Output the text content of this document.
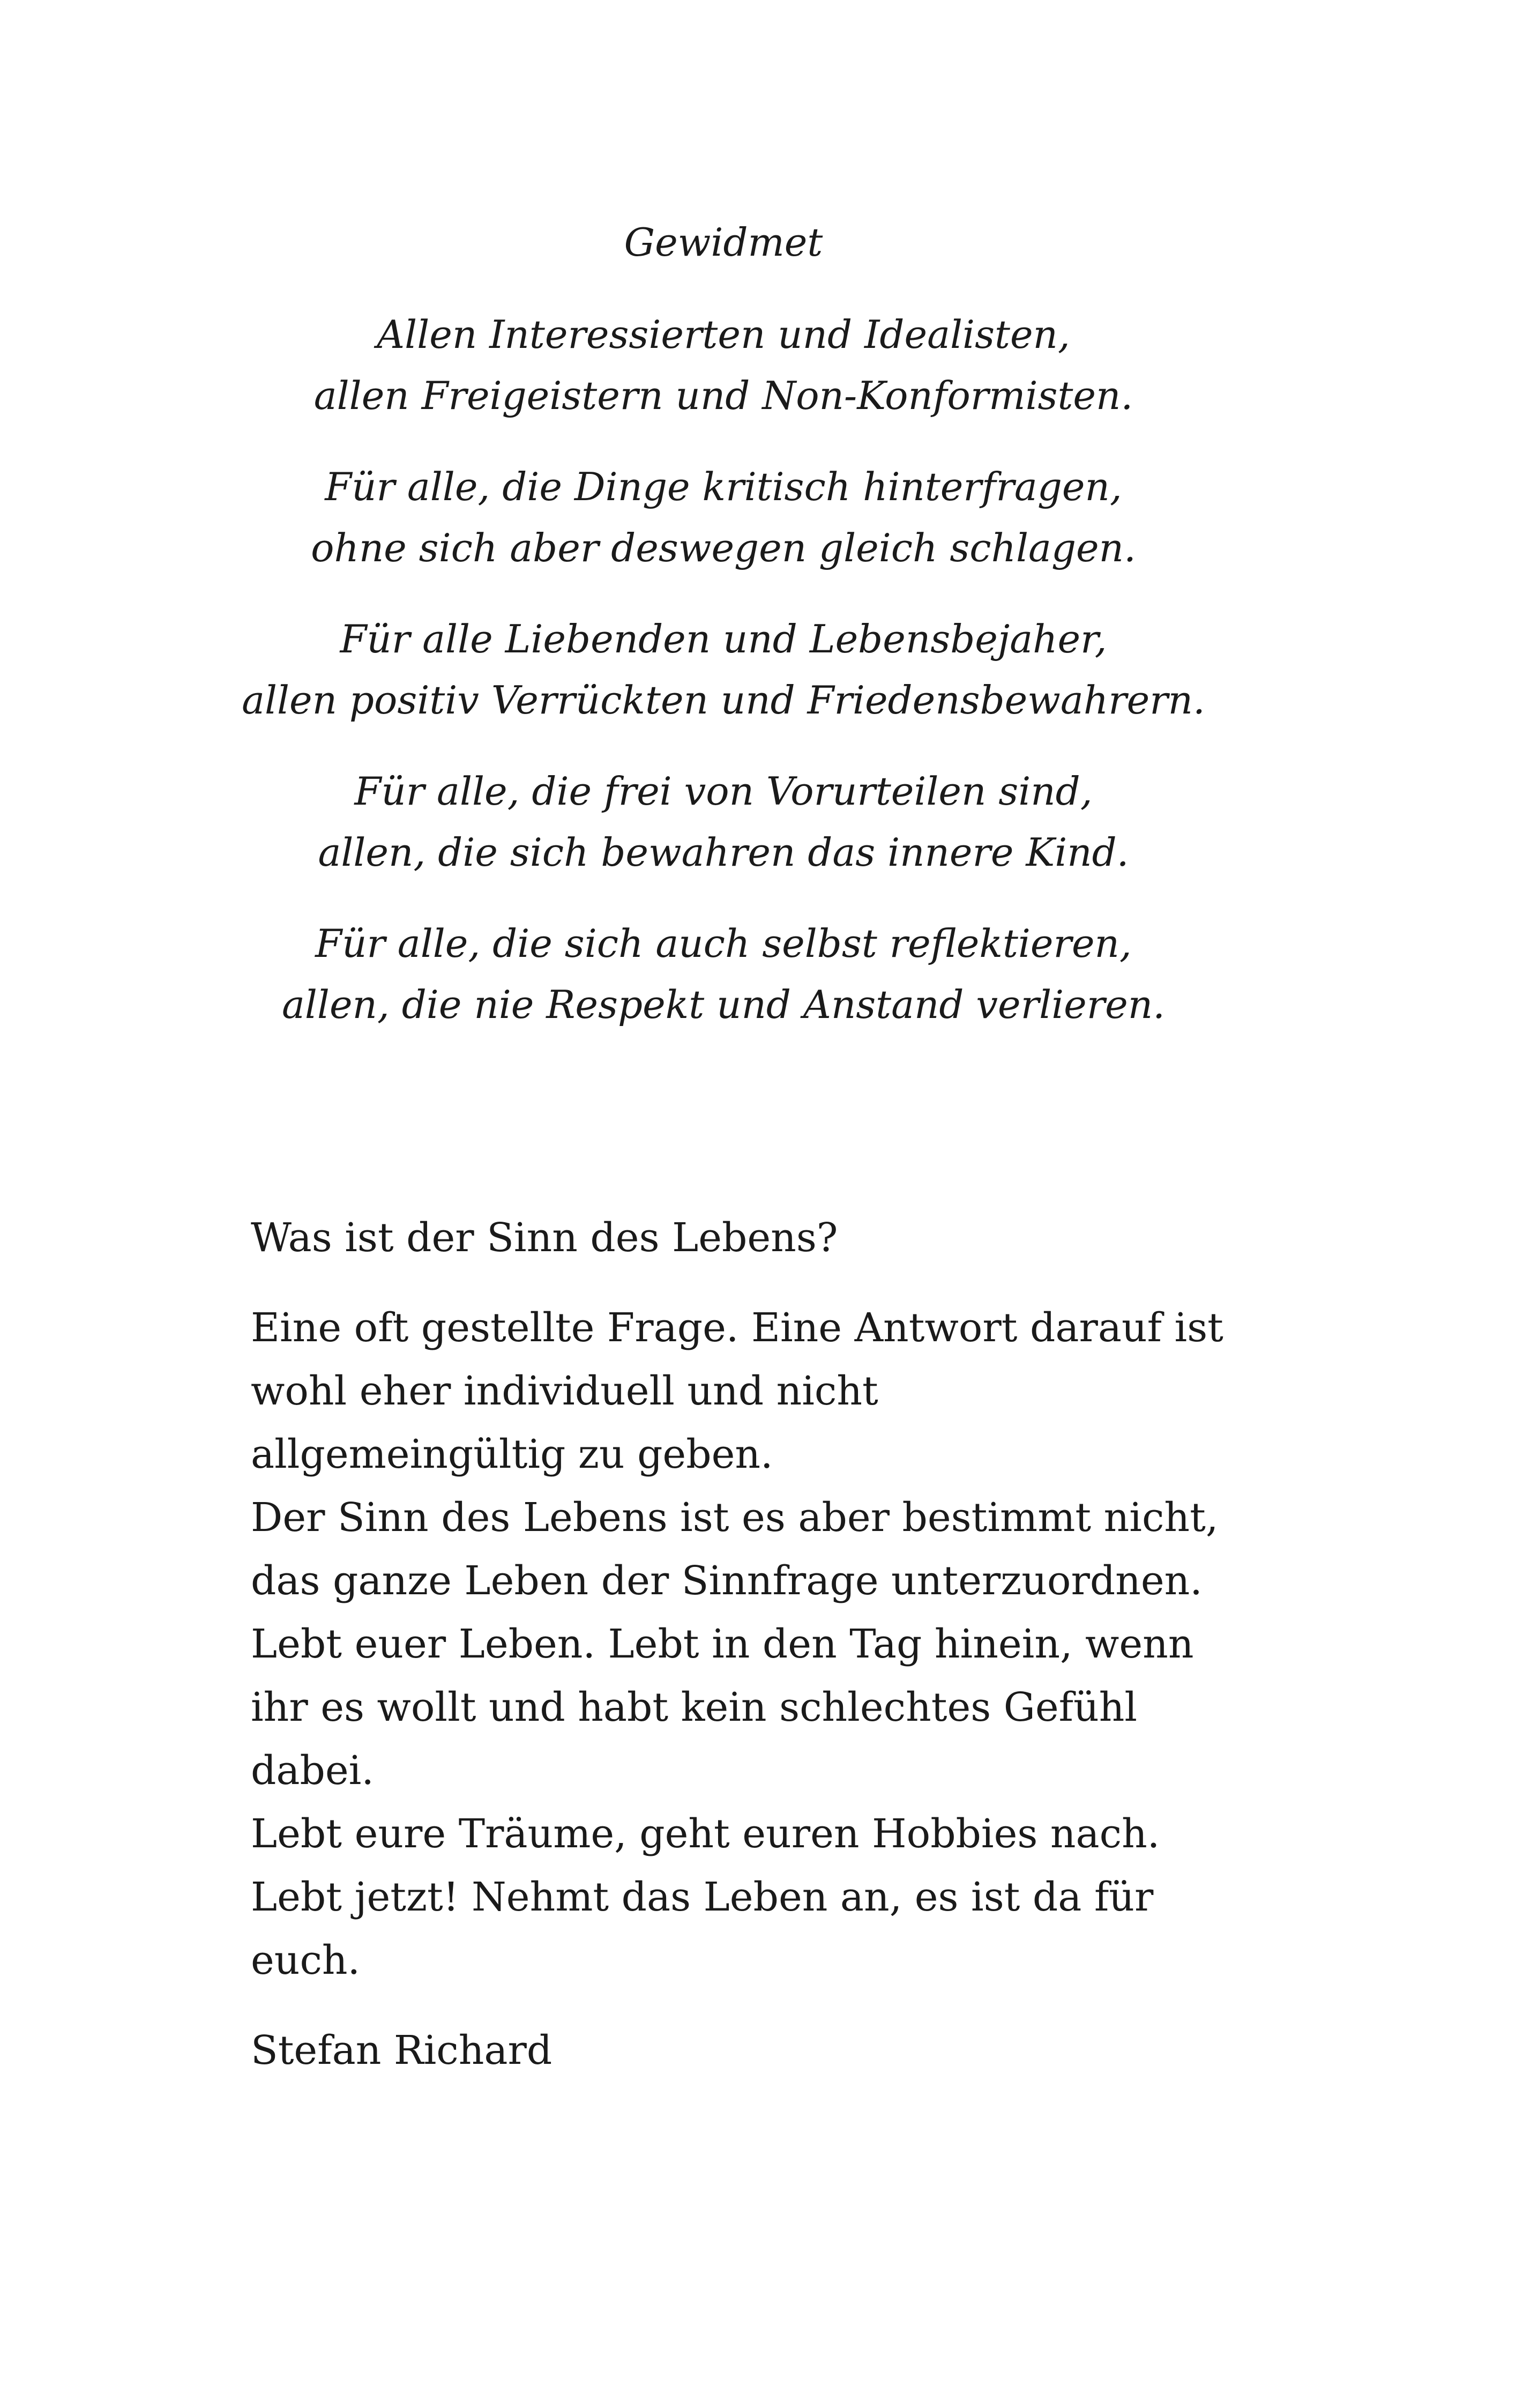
Gewidmet
Allen Interessierten und Idealisten,
allen Freigeistern und Non-Konformisten.
Für alle, die Dinge kritisch hinterfragen,
ohne sich aber deswegen gleich schlagen.
Für alle Liebenden und Lebensbejaher,
allen positiv Verrückten und Friedensbewahrern.
Für alle, die frei von Vorurteilen sind,
allen, die sich bewahren das innere Kind.
Für alle, die sich auch selbst reflektieren,
allen, die nie Respekt und Anstand verlieren.
Was ist der Sinn des Lebens?
Eine oft gestellte Frage. Eine Antwort darauf ist
wohl eher individuell und nicht
allgemeingültig zu geben.
Der Sinn des Lebens ist es aber bestimmt nicht,
das ganze Leben der Sinnfrage unterzuordnen.
Lebt euer Leben. Lebt in den Tag hinein, wenn
ihr es wollt und habt kein schlechtes Gefühl
dabei.
Lebt eure Träume, geht euren Hobbies nach.
Lebt jetzt! Nehmt das Leben an, es ist da für
euch.
Stefan Richard
